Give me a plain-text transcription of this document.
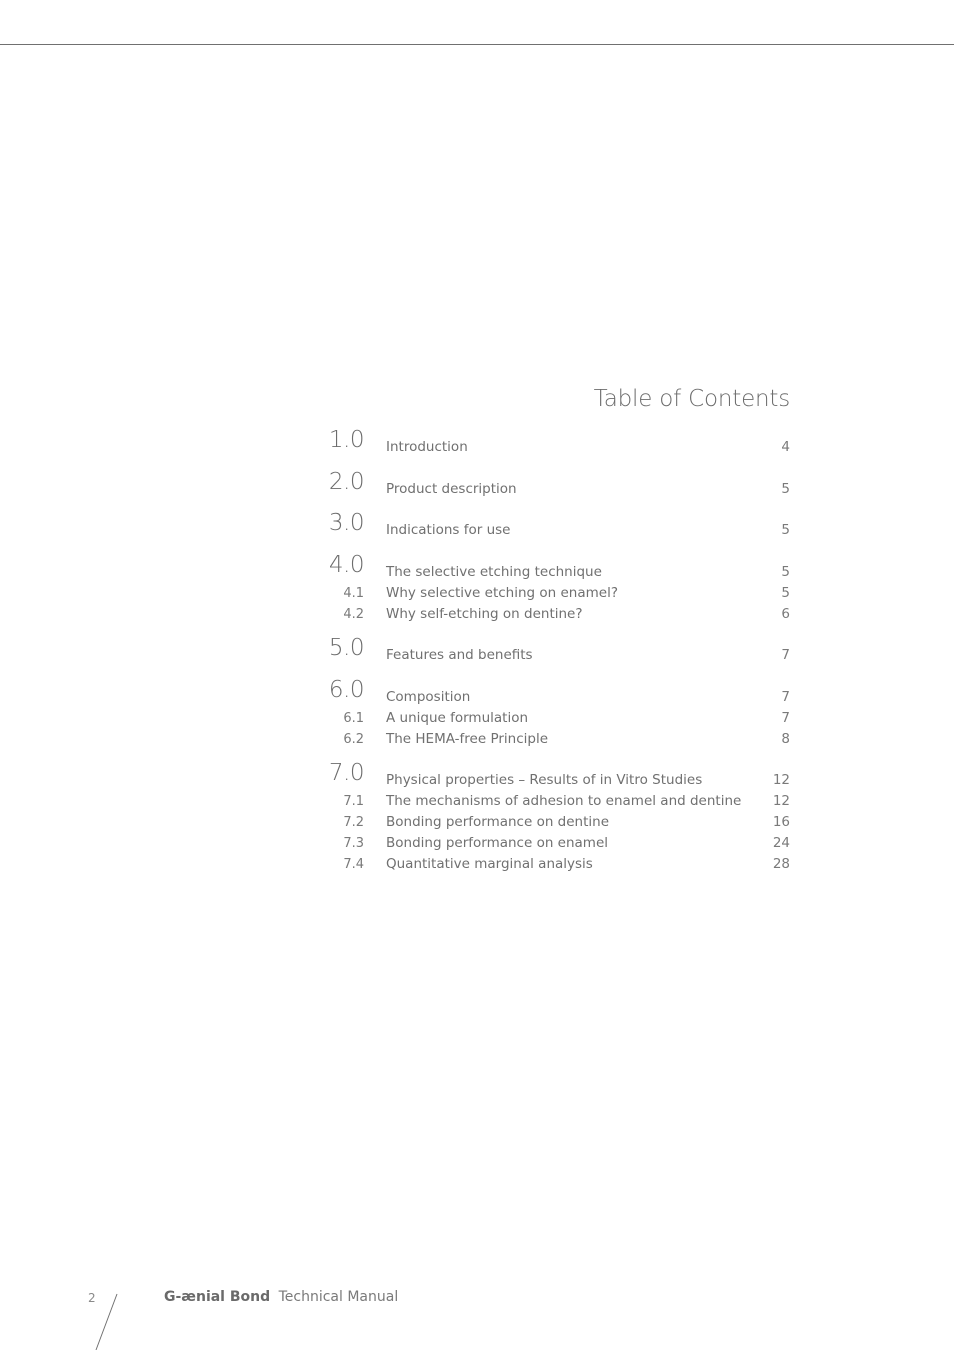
Table of Contents
1.0 Introduction	4
2.0 Product description	5
3.0 Indications for use	5
4.0 The selective etching technique	5
4.1 Why selective etching on enamel?	5
4.2 Why self-etching on dentine?	6
5.0 Features and benefits	7
6.0 Composition	7
6.1 A unique formulation	7
6.2 The HEMA-free Principle	8
7.0 Physical properties – Results of in Vitro Studies	12
7.1 The mechanisms of adhesion to enamel and dentine 12
7.2 Bonding performance on dentine	16
7.3 Bonding performance on enamel	24
7.4 Quantitative marginal analysis	28
2	G-ænial Bond Technical Manual
